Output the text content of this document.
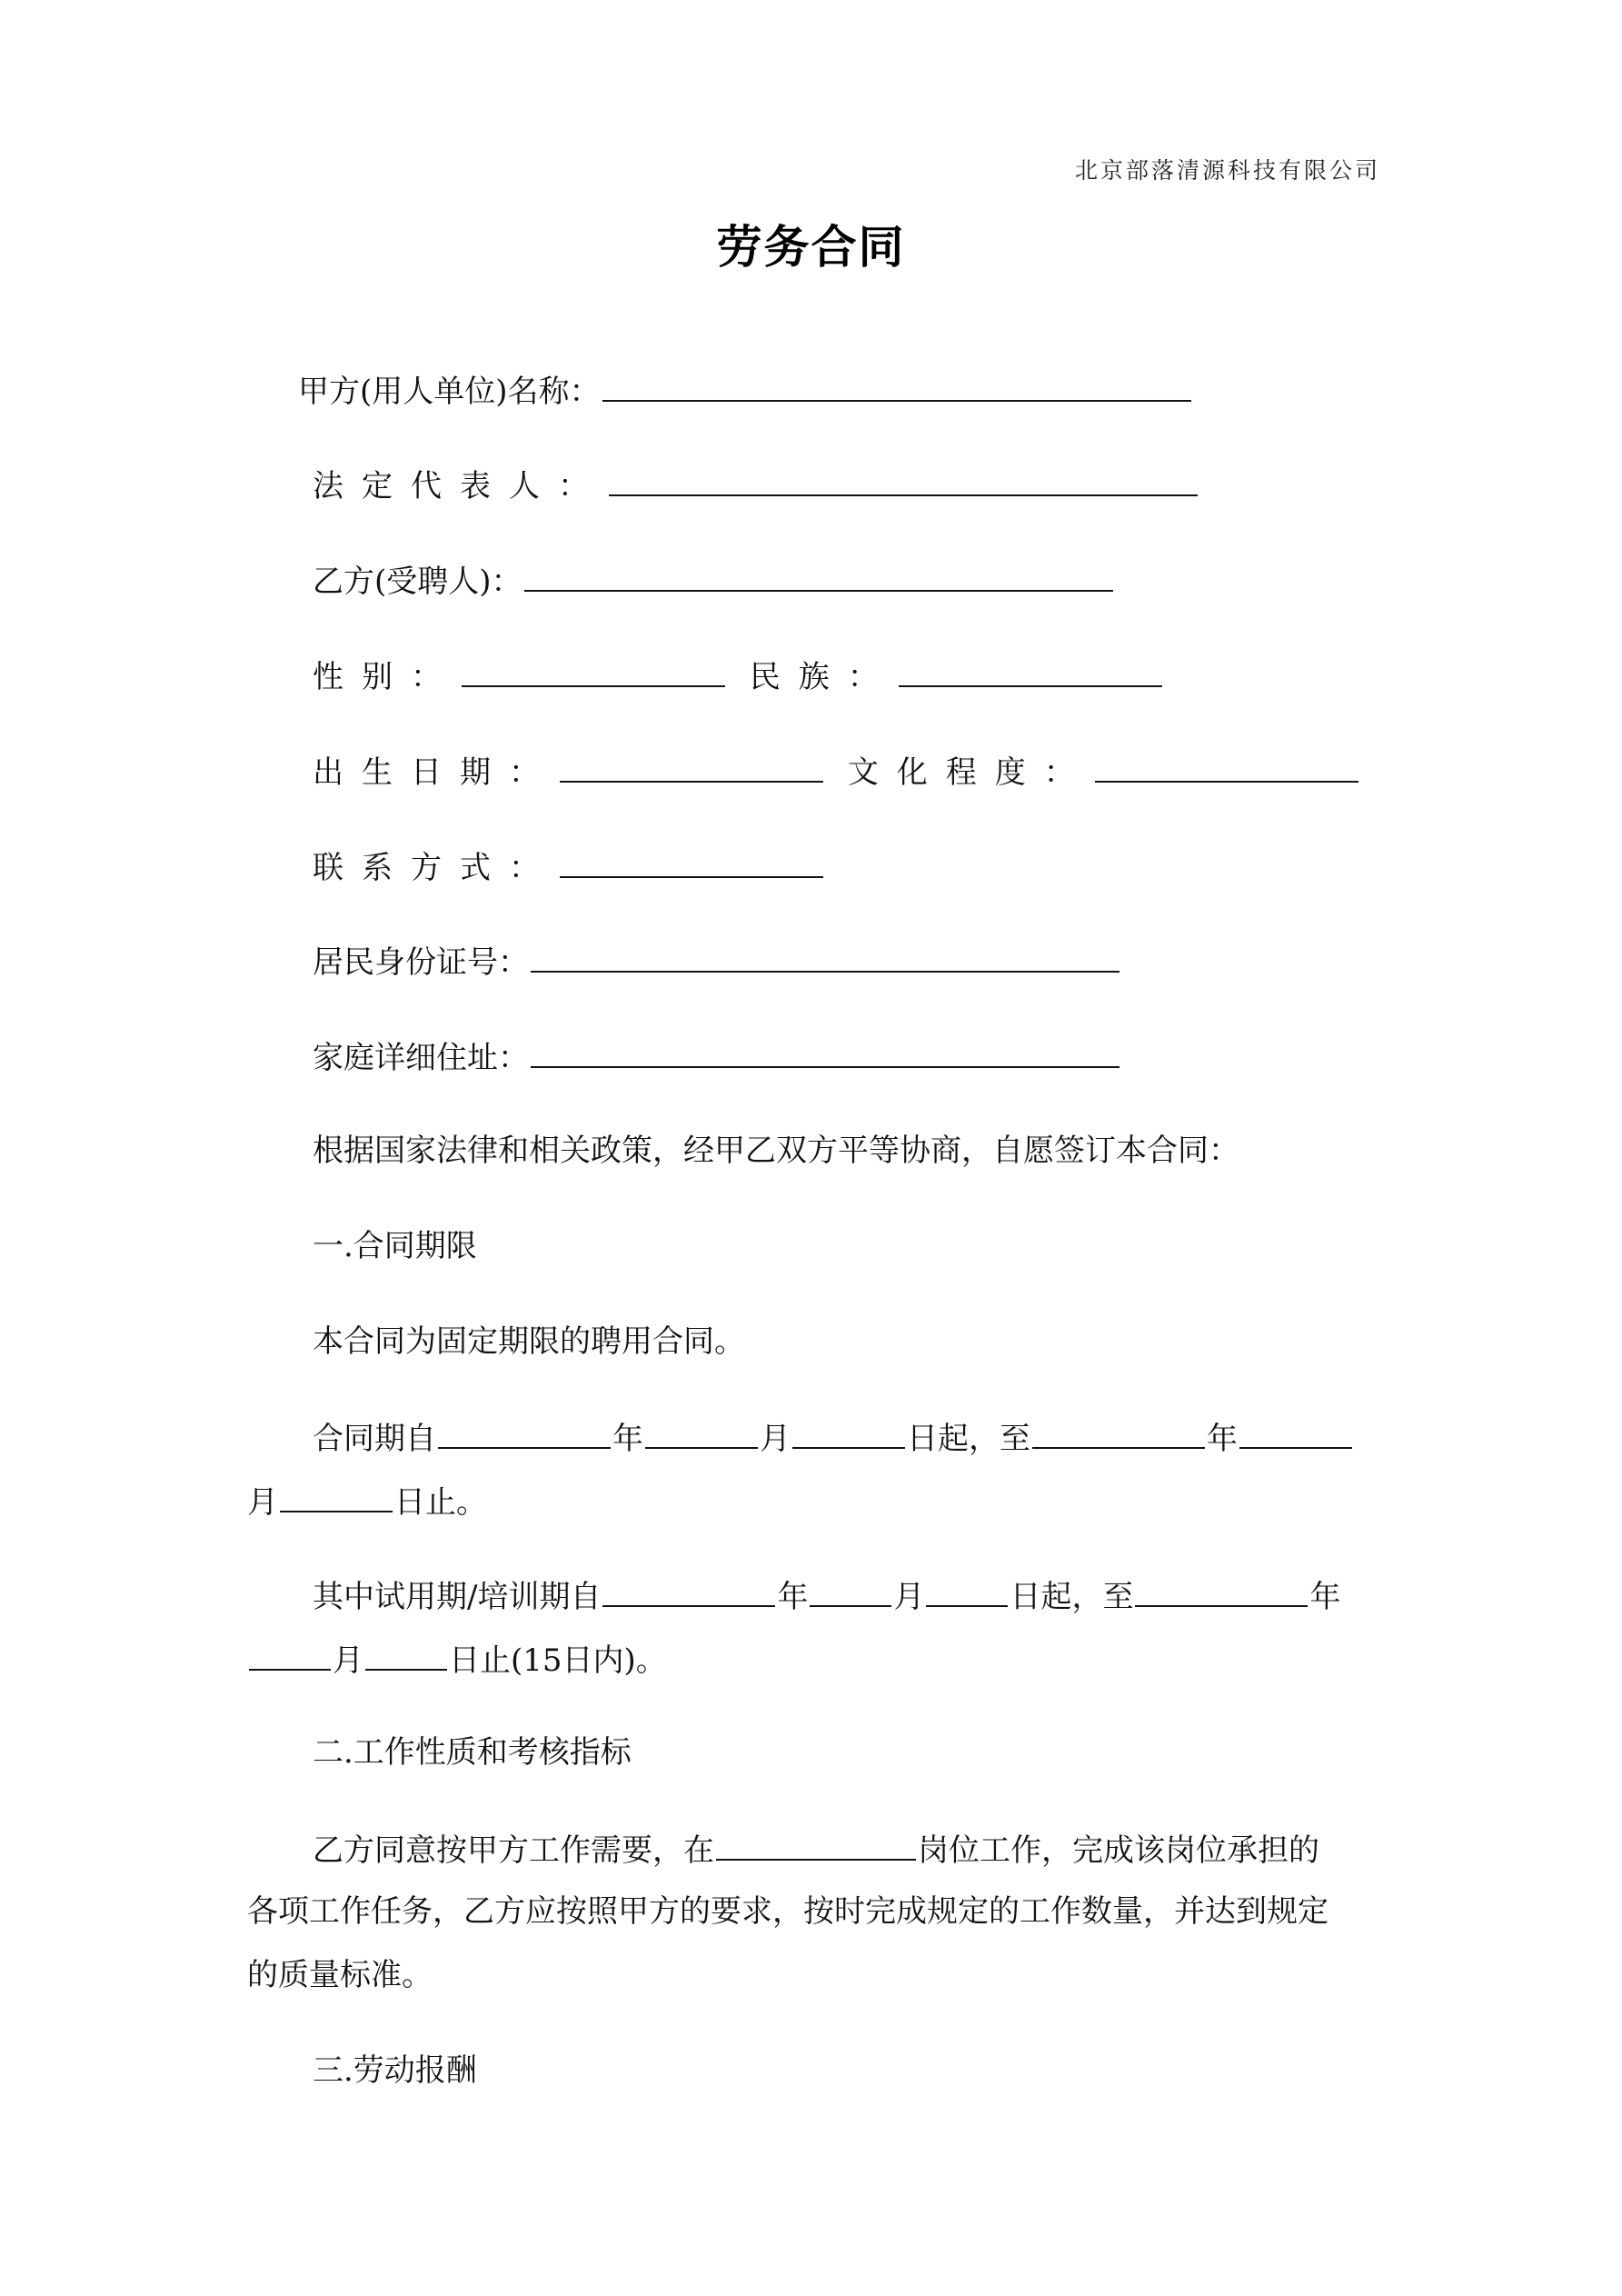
北京部落清源科技有限公司
劳务合同
甲方(用人单位)名称：
法定代表人：
乙方(受聘人)：
性别：	民族：
出生日期：	文化程度：
联系方式：
居民身份证号：
家庭详细住址：
根据国家法律和相关政策，经甲乙双方平等协商，自愿签订本合同：
一.合同期限
本合同为固定期限的聘用合同。
合同期自	年	月	日起，至	年
月	日止。
其中试用期/培训期自	年	月	日起，至	年
月	日止(15日内)。
二.工作性质和考核指标
乙方同意按甲方工作需要，在	岗位工作，完成该岗位承担的
各项工作任务，乙方应按照甲方的要求，按时完成规定的工作数量，并达到规定
的质量标准。
三.劳动报酬
